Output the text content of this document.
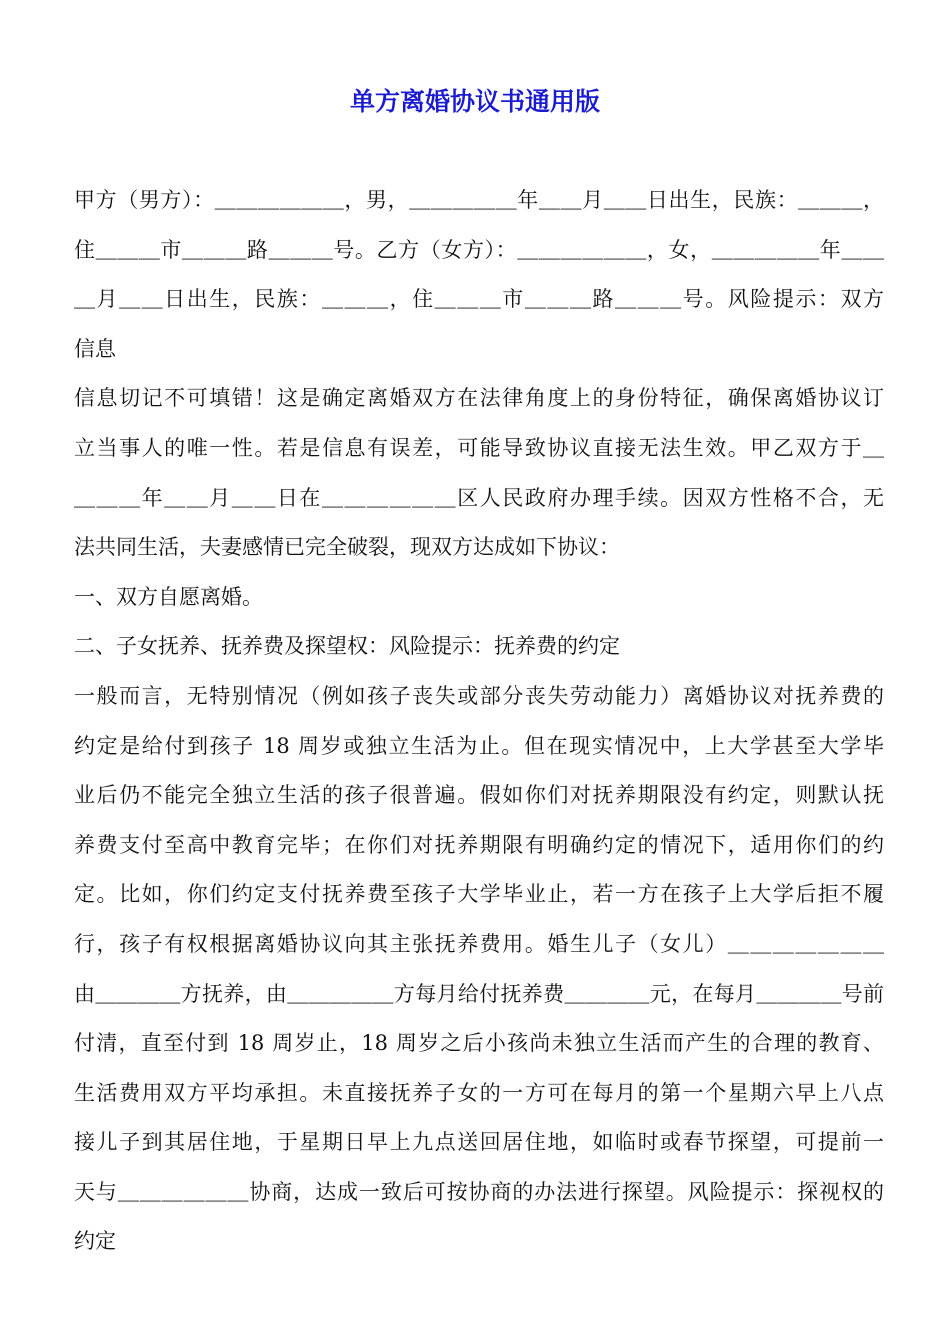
单方离婚协议书通用版
甲方（男方）：＿＿＿＿＿＿，男，＿＿＿＿＿年＿＿月＿＿日出生，民族：＿＿＿，
住＿＿＿市＿＿＿路＿＿＿号。乙方（女方）：＿＿＿＿＿＿，女，＿＿＿＿＿年＿＿
＿月＿＿日出生，民族：＿＿＿，住＿＿＿市＿＿＿路＿＿＿号。风险提示：双方
信息
信息切记不可填错！这是确定离婚双方在法律角度上的身份特征，确保离婚协议订
立当事人的唯一性。若是信息有误差，可能导致协议直接无法生效。甲乙双方于＿
＿＿＿年＿＿月＿＿日在＿＿＿＿＿＿区人民政府办理手续。因双方性格不合，无
法共同生活，夫妻感情已完全破裂，现双方达成如下协议：
一、双方自愿离婚。
二、子女抚养、抚养费及探望权：风险提示：抚养费的约定
一般而言，无特别情况（例如孩子丧失或部分丧失劳动能力）离婚协议对抚养费的
约定是给付到孩子 18 周岁或独立生活为止。但在现实情况中，上大学甚至大学毕
业后仍不能完全独立生活的孩子很普遍。假如你们对抚养期限没有约定，则默认抚
养费支付至高中教育完毕；在你们对抚养期限有明确约定的情况下，适用你们的约
定。比如，你们约定支付抚养费至孩子大学毕业止，若一方在孩子上大学后拒不履
行，孩子有权根据离婚协议向其主张抚养费用。婚生儿子（女儿）＿＿＿＿＿＿＿
由＿＿＿＿方抚养，由＿＿＿＿＿方每月给付抚养费＿＿＿＿元，在每月＿＿＿＿号前
付清，直至付到 18 周岁止，18 周岁之后小孩尚未独立生活而产生的合理的教育、
生活费用双方平均承担。未直接抚养子女的一方可在每月的第一个星期六早上八点
接儿子到其居住地，于星期日早上九点送回居住地，如临时或春节探望，可提前一
天与＿＿＿＿＿＿协商，达成一致后可按协商的办法进行探望。风险提示：探视权的
约定
